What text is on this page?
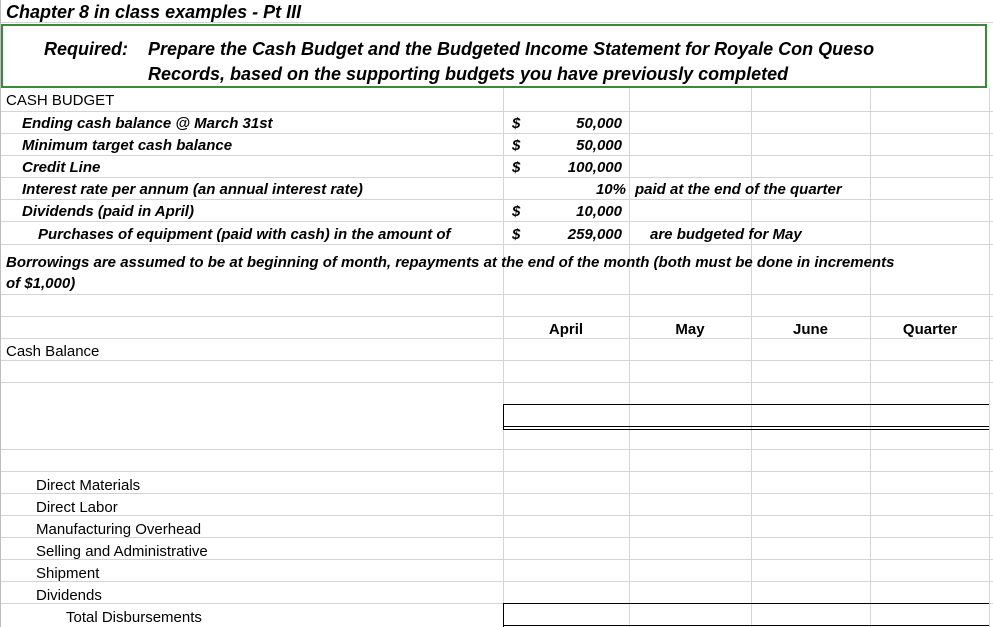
Chapter 8 in class examples - Pt III
Required: Prepare the Cash Budget and the Budgeted Income Statement for Royale Con Queso
Records, based on the supporting budgets you have previously completed
CASH BUDGET
Ending cash balance @ March 31st	$	50,000
Minimum target cash balance	$	50,000
Credit Line	$	100,000
Interest rate per annum (an annual interest rate)	10% paid at the end of the quarter
Dividends (paid in April)	$	10,000
Purchases of equipment (paid with cash) in the amount of	$	259,000 are budgeted for May
Borrowings are assumed to be at beginning of month, repayments at the end of the month (both must be done in increments
of $1,000)
April	May	June	Quarter
Cash Balance
Direct Materials
Direct Labor
Manufacturing Overhead
Selling and Administrative
Shipment
Dividends
Total Disbursements
